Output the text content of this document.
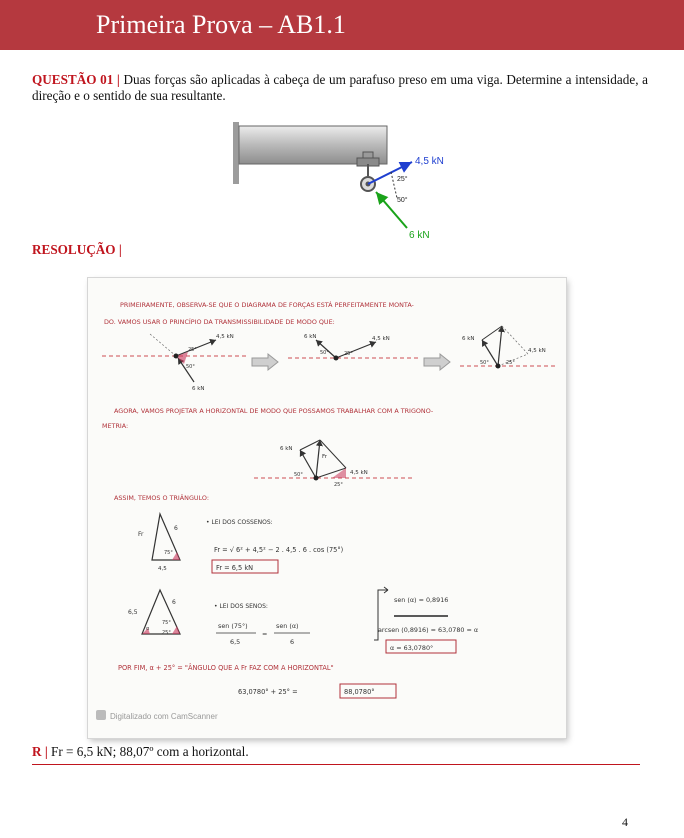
Primeira Prova – AB1.1
QUESTÃO 01 | Duas forças são aplicadas à cabeça de um parafuso preso em uma viga. Determine a intensidade, a direção e o sentido de sua resultante.
4,5 kN
6 kN
25°
50°
RESOLUÇÃO |
PRIMEIRAMENTE, OBSERVA-SE QUE O DIAGRAMA DE FORÇAS ESTÁ PERFEITAMENTE MONTA-
DO. VAMOS USAR O PRINCÍPIO DA TRANSMISSIBILIDADE DE MODO QUE:
4,5 kN
6 kN
25°
50°
6 kN	4,5 kN
50°	25°
6 kN
4,5 kN
50°	25°
AGORA, VAMOS PROJETAR A HORIZONTAL DE MODO QUE POSSAMOS TRABALHAR COM A TRIGONO-
METRIA:
6 kN
Fr
4,5 kN
50°
25°
ASSIM, TEMOS O TRIÂNGULO:
6
Fr
75°
4,5
• LEI DOS COSSENOS:
Fr = √ 6² + 4,5² − 2 . 4,5 . 6 . cos (75°)
Fr = 6,5 kN
6,5
6
α
75°
25°
• LEI DOS SENOS:
sen (75°)
6,5
=
sen (α)
6
sen (α) = 0,8916
arcsen (0,8916) = 63,0780 = α
α = 63,0780°
POR FIM, α + 25° = "ÂNGULO QUE A Fr FAZ COM A HORIZONTAL"
63,0780° + 25° =	88,0780°
Digitalizado com CamScanner
R | Fr = 6,5 kN; 88,07º com a horizontal.
4
